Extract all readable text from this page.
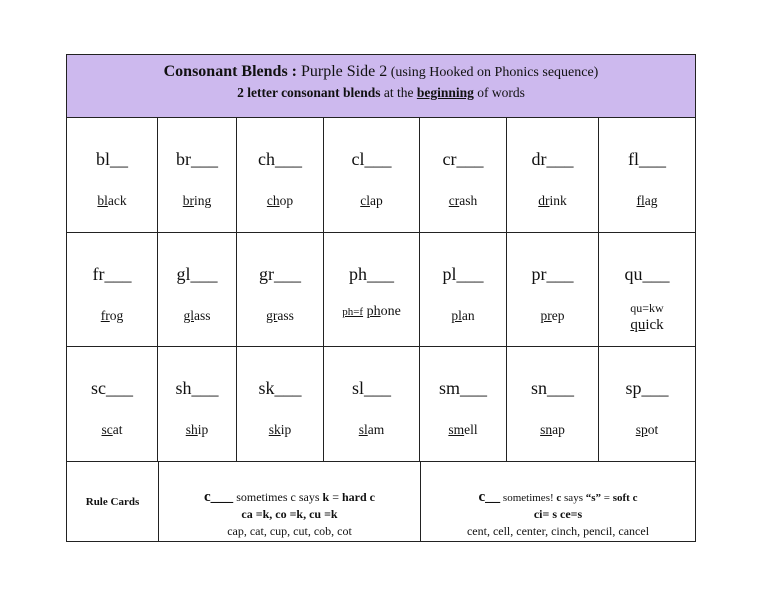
Consonant Blends : Purple Side 2 (using Hooked on Phonics sequence)
2 letter consonant blends at the beginning of words
bl__
black
br___
bring
ch___
chop
cl___
clap
cr___
crash
dr___
drink
fl___
flag
fr___
frog
gl___
glass
gr___
grass
ph___
ph=f phone
pl___
plan
pr___
prep
qu___
qu=kw
quick
sc___
scat
sh___
ship
sk___
skip
sl___
slam
sm___
smell
sn___
snap
sp___
spot
Rule Cards	c___ sometimes c says k = hard c
ca =k, co =k, cu =k
cap, cat, cup, cut, cob, cot
c__ sometimes! c says “s” = soft c
ci= s ce=s
cent, cell, center, cinch, pencil, cancel
